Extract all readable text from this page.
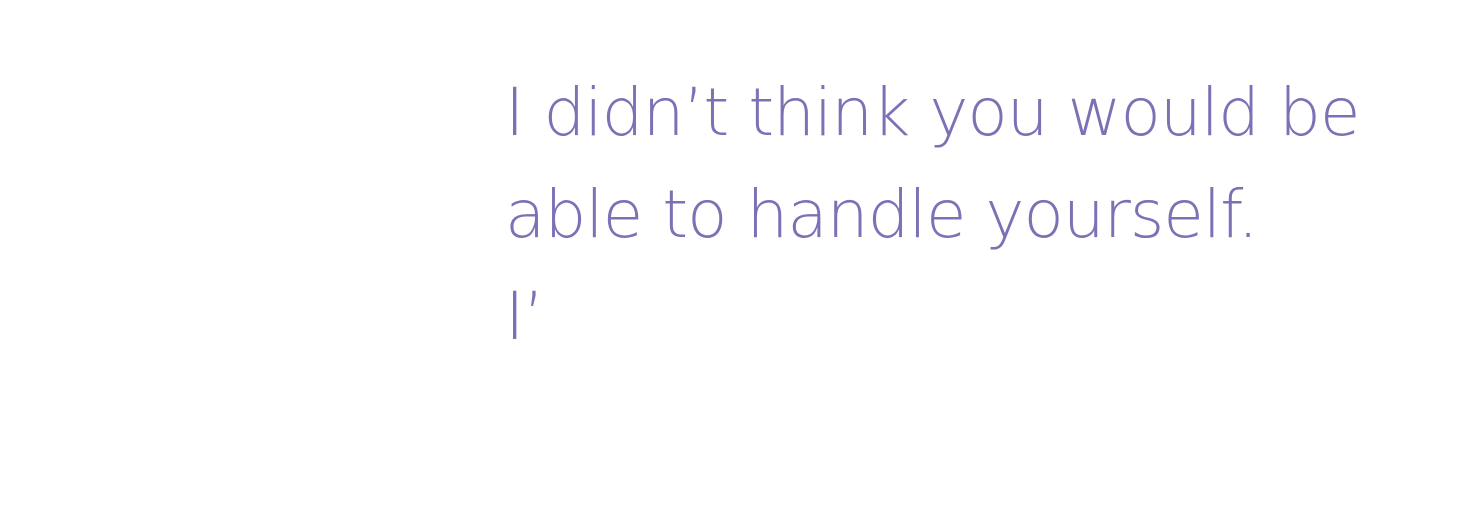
I didn’t think you would be
able to handle yourself.
I’
